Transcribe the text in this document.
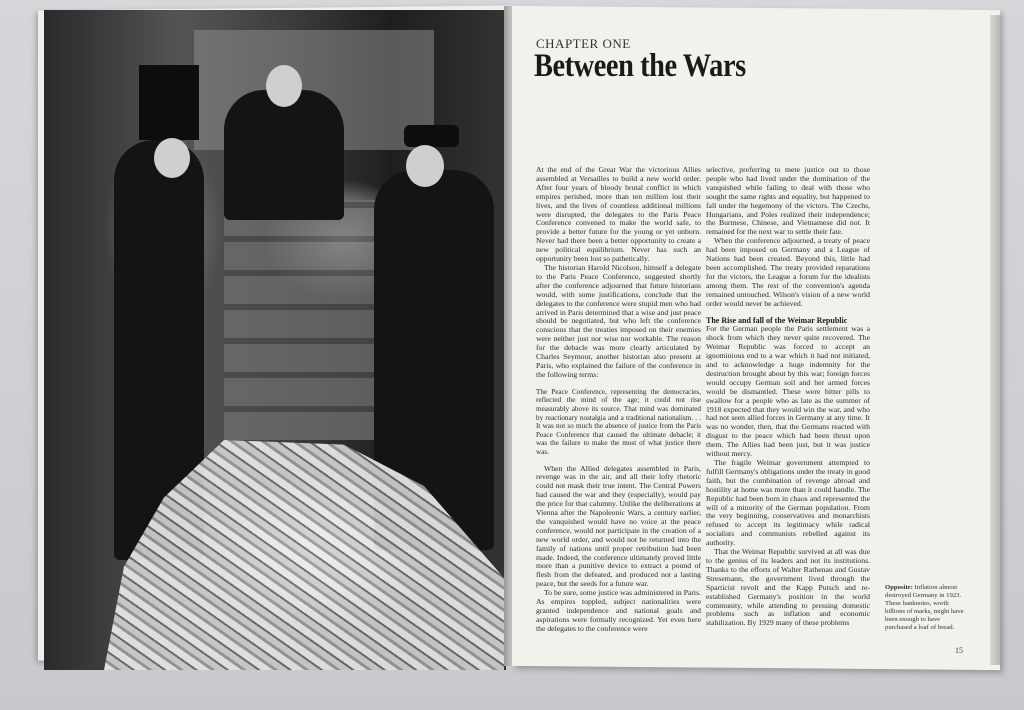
CHAPTER ONE
Between the Wars

At the end of the Great War the victorious Allies assembled at Versailles to build a new world order. After four years of bloody brutal conflict in which empires perished, more than ten million lost their lives, and the lives of countless additional millions were disrupted, the delegates to the Paris Peace Conference convened to make the world safe, to provide a better future for the young or yet unborn. Never had there been a better opportunity to create a new political equilibrium. Never has such an opportunity been lost so pathetically.

The historian Harold Nicolson, himself a delegate to the Paris Peace Conference, suggested shortly after the conference adjourned that future historians would, with some justifications, conclude that the delegates to the conference were stupid men who had arrived in Paris determined that a wise and just peace should be negotiated, but who left the conference conscious that the treaties imposed on their enemies were neither just nor wise nor workable. The reason for the debacle was more clearly articulated by Charles Seymour, another historian also present at Paris, who explained the failure of the conference in the following terms:

The Peace Conference, representing the democracies, reflected the mind of the age; it could not rise measurably above its source. That mind was dominated by reactionary nostalgia and a traditional nationalism. . . It was not so much the absence of justice from the Paris Peace Conference that caused the ultimate debacle; it was the failure to make the most of what justice there was.

When the Allied delegates assembled in Paris, revenge was in the air, and all their lofty rhetoric could not mask their true intent. The Central Powers had caused the war and they (especially), would pay the price for that calumny. Unlike the deliberations at Vienna after the Napoleonic Wars, a century earlier, the vanquished would have no voice at the peace conference, would not participate in the creation of a new world order, and would not be returned into the family of nations until proper retribution had been made. Indeed, the conference ultimately proved little more than a punitive device to extract a pound of flesh from the defeated, and produced not a lasting peace, but the seeds for a future war.

To be sure, some justice was administered in Paris. As empires toppled, subject nationalities were granted independence and national goals and aspirations were formally recognized. Yet even here the delegates to the conference were

selective, preferring to mete justice out to those people who had lived under the domination of the vanquished while failing to deal with those who sought the same rights and equality, but happened to fall under the hegemony of the victors. The Czechs, Hungarians, and Poles realized their independence; the Burmese, Chinese, and Vietnamese did not. It remained for the next war to settle their fate.

When the conference adjourned, a treaty of peace had been imposed on Germany and a League of Nations had been created. Beyond this, little had been accomplished. The treaty provided reparations for the victors, the League a forum for the idealists among them. The rest of the convention's agenda remained untouched. Wilson's vision of a new world order would never be achieved.

The Rise and fall of the Weimar Republic

For the German people the Paris settlement was a shock from which they never quite recovered. The Weimar Republic was forced to accept an ignominious end to a war which it had not initiated, and to acknowledge a huge indemnity for the destruction brought about by this war; foreign forces would occupy German soil and her armed forces would be dismantled. These were bitter pills to swallow for a people who as late as the summer of 1918 expected that they would win the war, and who had not seen allied forces in Germany at any time. It was no wonder, then, that the Germans reacted with disgust to the peace which had been thrust upon them. The Allies had been just, but it was justice without mercy.

The fragile Weimar government attempted to fulfill Germany's obligations under the treaty in good faith, but the combination of revenge abroad and hostility at home was more than it could handle. The Republic had been born in chaos and represented the will of a minority of the German population. From the very beginning, conservatives and monarchists refused to accept its legitimacy while radical socialists and communists rebelled against its authority.

That the Weimar Republic survived at all was due to the genius of its leaders and not its institutions. Thanks to the efforts of Walter Rathenau and Gustav Stresemann, the government lived through the Sparticist revolt and the Kapp Putsch and re-established Germany's position in the world community, while attending to pressing domestic problems such as inflation and economic stabilization. By 1929 many of these problems

Opposite: Inflation almost destroyed Germany in 1923. These banknotes, worth billions of marks, might have been enough to have purchased a loaf of bread.
15
